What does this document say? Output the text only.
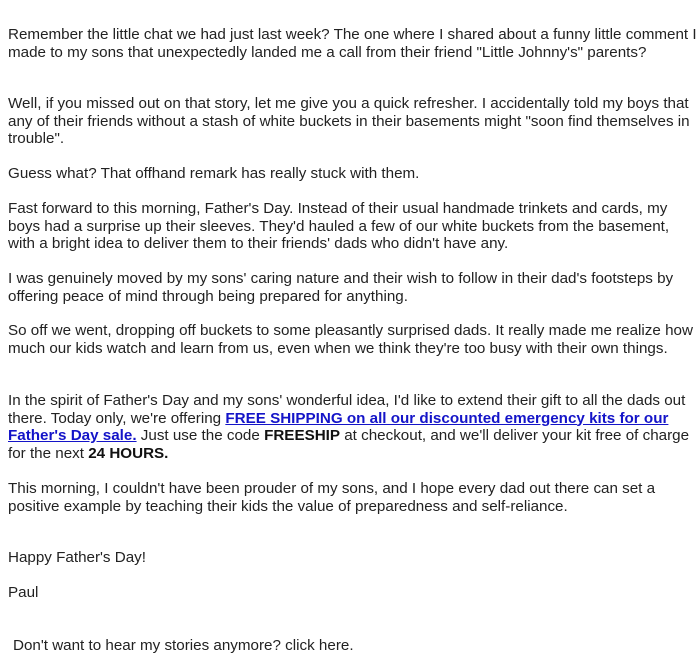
Remember the little chat we had just last week? The one where I shared about a funny little comment I made to my sons that unexpectedly landed me a call from their friend "Little Johnny's" parents?

Well, if you missed out on that story, let me give you a quick refresher. I accidentally told my boys that any of their friends without a stash of white buckets in their basements might "soon find themselves in trouble".

Guess what? That offhand remark has really stuck with them.

Fast forward to this morning, Father's Day. Instead of their usual handmade trinkets and cards, my boys had a surprise up their sleeves. They'd hauled a few of our white buckets from the basement, with a bright idea to deliver them to their friends' dads who didn't have any.

I was genuinely moved by my sons' caring nature and their wish to follow in their dad's footsteps by offering peace of mind through being prepared for anything.

So off we went, dropping off buckets to some pleasantly surprised dads. It really made me realize how much our kids watch and learn from us, even when we think they're too busy with their own things.

In the spirit of Father's Day and my sons' wonderful idea, I'd like to extend their gift to all the dads out there. Today only, we're offering FREE SHIPPING on all our discounted emergency kits for our Father's Day sale. Just use the code FREESHIP at checkout, and we'll deliver your kit free of charge for the next 24 HOURS.

This morning, I couldn't have been prouder of my sons, and I hope every dad out there can set a positive example by teaching their kids the value of preparedness and self-reliance.

Happy Father's Day!

Paul

Don't want to hear my stories anymore? click here.
